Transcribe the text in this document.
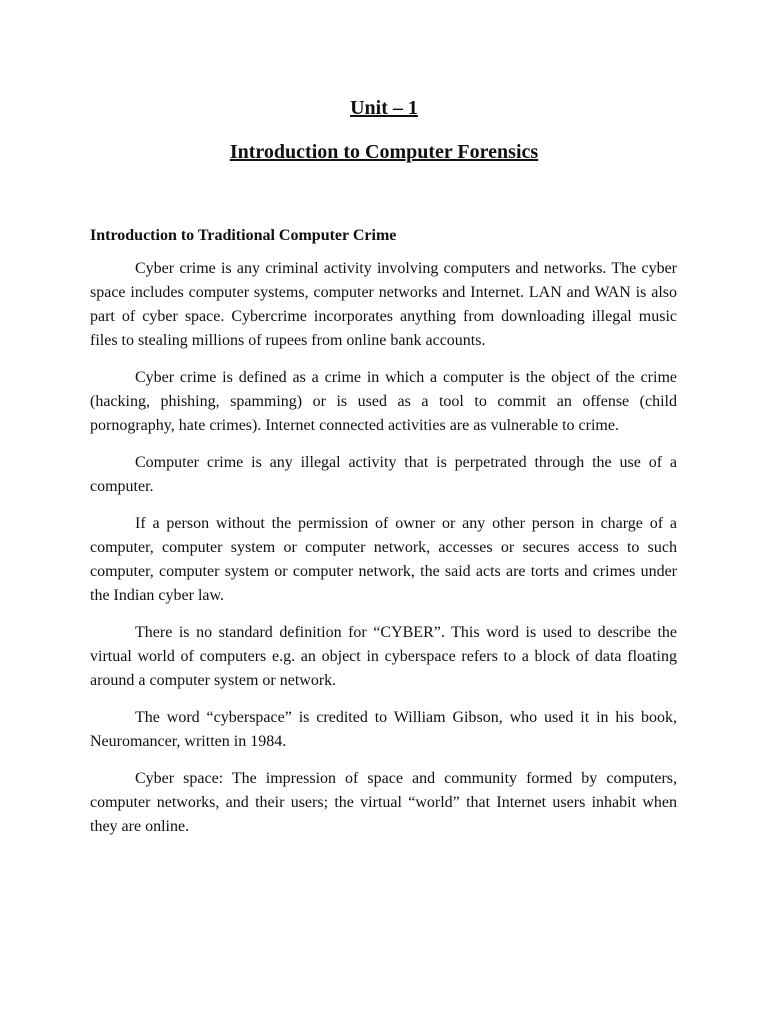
Unit – 1
Introduction to Computer Forensics
Introduction to Traditional Computer Crime

Cyber crime is any criminal activity involving computers and networks. The cyber space includes computer systems, computer networks and Internet. LAN and WAN is also part of cyber space. Cybercrime incorporates anything from downloading illegal music files to stealing millions of rupees from online bank accounts.

Cyber crime is defined as a crime in which a computer is the object of the crime (hacking, phishing, spamming) or is used as a tool to commit an offense (child pornography, hate crimes). Internet connected activities are as vulnerable to crime.

Computer crime is any illegal activity that is perpetrated through the use of a computer.

If a person without the permission of owner or any other person in charge of a computer, computer system or computer network, accesses or secures access to such computer, computer system or computer network, the said acts are torts and crimes under the Indian cyber law.

There is no standard definition for “CYBER”. This word is used to describe the virtual world of computers e.g. an object in cyberspace refers to a block of data floating around a computer system or network.

The word “cyberspace” is credited to William Gibson, who used it in his book, Neuromancer, written in 1984.

Cyber space: The impression of space and community formed by computers, computer networks, and their users; the virtual “world” that Internet users inhabit when they are online.
